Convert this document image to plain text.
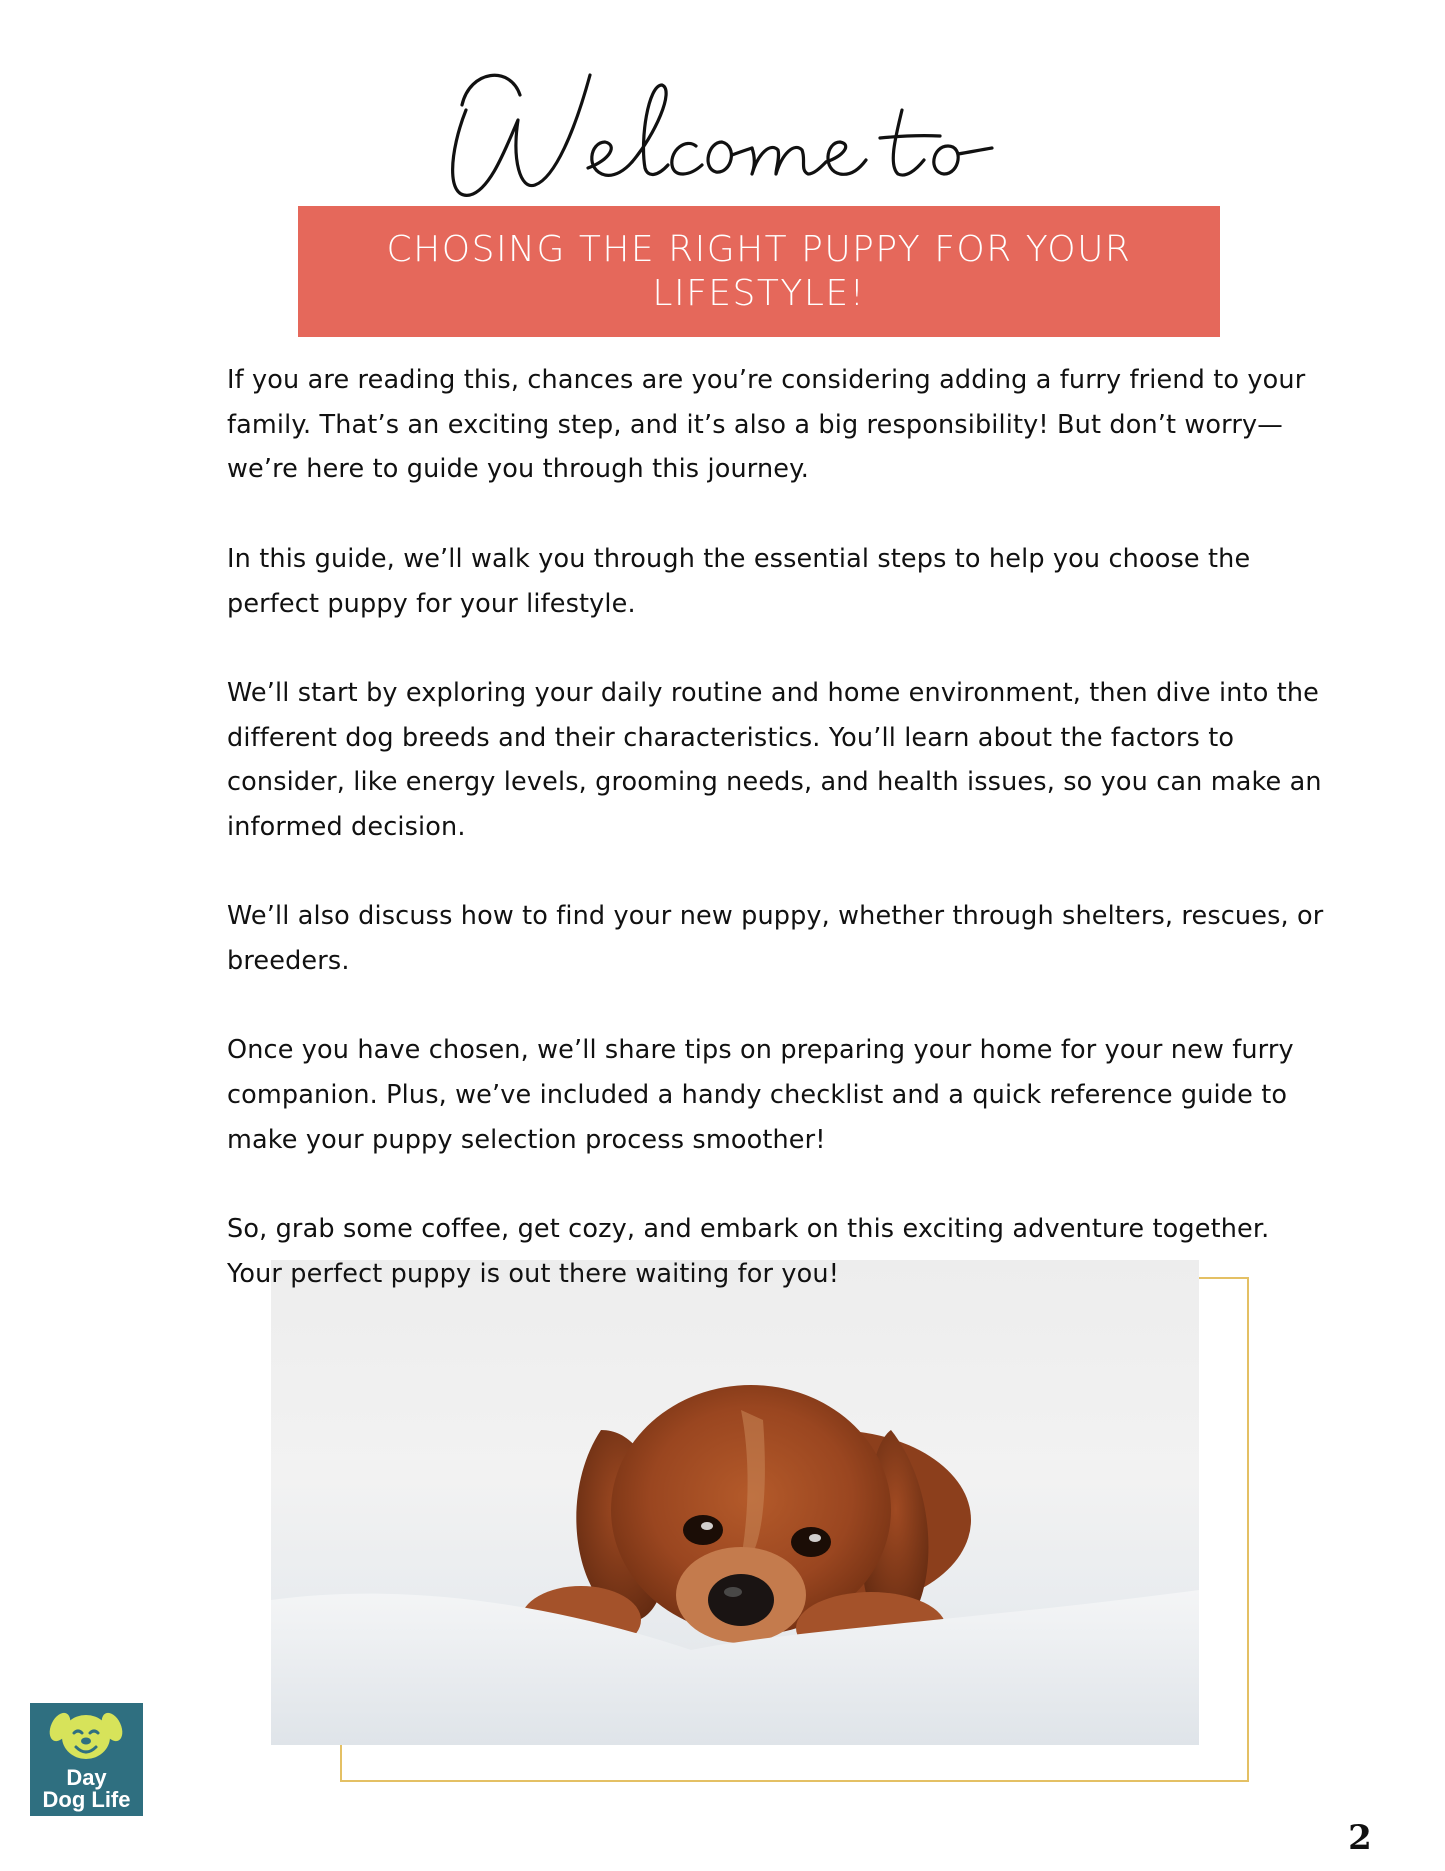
CHOSING THE RIGHT PUPPY FOR YOUR LIFESTYLE!

If you are reading this, chances are you’re considering adding a furry friend to your family. That’s an exciting step, and it’s also a big responsibility! But don’t worry—we’re here to guide you through this journey.

In this guide, we’ll walk you through the essential steps to help you choose the perfect puppy for your lifestyle.

We’ll start by exploring your daily routine and home environment, then dive into the different dog breeds and their characteristics. You’ll learn about the factors to consider, like energy levels, grooming needs, and health issues, so you can make an informed decision.

We’ll also discuss how to find your new puppy, whether through shelters, rescues, or breeders.

Once you have chosen, we’ll share tips on preparing your home for your new furry companion. Plus, we’ve included a handy checklist and a quick reference guide to make your puppy selection process smoother!

So, grab some coffee, get cozy, and embark on this exciting adventure together. Your perfect puppy is out there waiting for you!

Day
Dog Life
2
